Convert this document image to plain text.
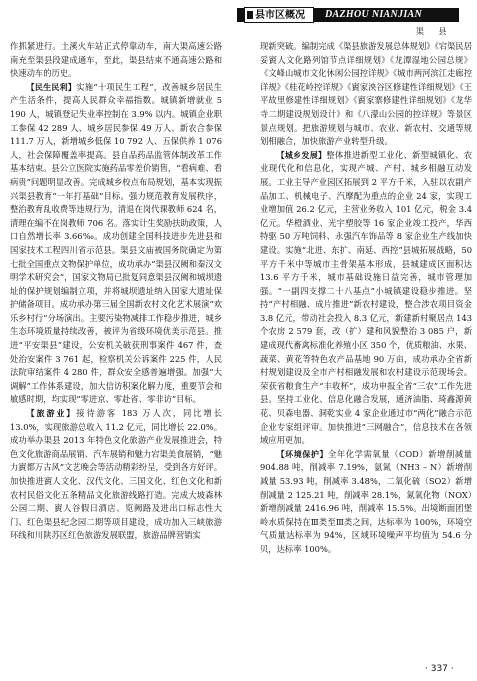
县市区概况	DAZHOU NIANJIAN
渠 县

作抓紧进行。土溪火车站正式停靠动车，南大渠高速公路南充至渠县段建成通车，至此，渠县结束不通高速公路和快速动车的历史。

【民生民利】实施“十项民生工程”，改善城乡居民生产生活条件，提高人民群众幸福指数。城镇新增就业 5 190 人，城镇登记失业率控制在 3.9% 以内。城镇企业职工参保 42 289 人、城乡居民参保 49 万人、新农合参保 111.7 万人，新增城乡低保 10 792 人、五保供养 1 076 人，社会保障覆盖率提高。县自品药品监管体制改革工作基本结束。县公立医院实施药品零差价销售，“看病难、看病贵”问题明显改善。完成城乡校点布局规划，基本实现振兴渠县教育“一年打基础”目标。强力规范教育发展秩序，整治教育乱收费等违规行为，清退在岗代课教师 624 名，清理在编不在岗教师 706 名。落实计生奖励扶助政策，人口自然增长率 3.66‰。成功创建全国科技进步先进县和国家技术工程四川省示范县。渠县文庙被国务院确定为第七批全国重点文物保护单位，成功承办“渠县汉阙和秦汉文明学术研究会”，国家文物局已批复同意渠县汉阙和城坝遗址的保护规划编制立项，并将城坝遗址纳入国家大遗址保护储备项目。成功承办第三届全国新农村文化艺术展演“欢乐乡村行”分场演出。主要污染物减排工作稳步推进，城乡生态环境质量持续改善，被评为省级环境优美示范县。推进“平安渠县”建设，公安机关破获刑事案件 467 件，查处治安案件 3 761 起，检察机关公诉案件 225 件，人民法院审结案件 4 280 件，群众安全感普遍增强。加强“大调解”工作体系建设，加大信访积案化解力度，重要节会和敏感时期，均实现“零进京、零赴省、零非访”目标。

【旅游业】接待游客 183 万人次，同比增长 13.0%，实现旅游总收入 11.2 亿元，同比增长 22.0%。成功举办渠县 2013 年特色文化旅游产业发展推进会，特色文化旅游商品展销、汽车展销和魅力宕渠美食展销，“魅力賨都万古风”文艺晚会等活动精彩纷呈，受到各方好评。加快推进賨人文化、汉代文化、三国文化、红色文化和新农村民俗文化五条精品文化旅游线路打造。完成大坡森林公园二期、賨人谷假日酒店、览阙路及进出口标志性大门、红色渠县纪念园二期等项目建设，成功加入三峡旅游环线和川陕苏区红色旅游发展联盟，旅游品牌营销实

现新突破。编制完成《渠县旅游发展总体规划》《宕渠民居妥賨人文化路列馆节点详细规划》《龙潭湿地公园总规》《文峰山城市文化休闲公园控详规》《城市两河滨江走廊控详规》《桂花岭控详规》《賨家泱谷区修建性详细规划》《王平故里修建性详细规划》《賨家寨修建性详细规划》《龙华寺二期建设规划设计》和《八濛山公园的控详规》等景区景点规划。把旅游规划与城市、农业、新农村、交通等规划相融合，加快旅游产业转型升级。

【城乡发展】整体推进新型工业化、新型城镇化、农业现代化和信息化，实现产城、产村、城乡相融互动发展。工业主导产业园区拓展到 2 平方千米，入驻以农副产品加工、机械电子、汽摩配为重点的企业 24 家，实现工业增加值 26.2 亿元，主营业务收入 101 亿元，税金 3.4 亿元。华橙酒业、光宇塑胶等 16 家企业竣工投产，华西特驱 50 万吨饲料、永强汽车饰品等 8 家企业生产线加快建设。实施“北进、东扩、南延、西控”县城拓展战略，50 平方千米中等城市主骨架基本形成，县城建成区面积达 13.6 平方千米，城市基础设施日益完善，城市管理加强。“一副四支撑二十八基点”小城镇建设稳步推进。坚持“产村相融、成片推进”新农村建设，整合涉农项目资金 3.8 亿元，带动社会投入 8.3 亿元，新建新村聚居点 143 个农房 2 579 套，改（扩）建和风貌整治 3 085 户，新建成现代畜禽标准化养殖小区 350 个，优质粮油、水果、蔬菜、黄花等特色农产品基地 90 万亩，成功承办全省新村规划建设及全市产村相融发展和农村建设示范现场会。荣获省粮食生产“丰收杯”，成功申报全省“三农”工作先进县。坚持工业化、信息化融合发展，通济油脂、琦鑫源黄花、贝森电器、洞乾实业 4 家企业通过市“两化”融合示范企业专家组评审。加快推进“三网融合”，信息技术在各领域应用更加。

【环境保护】全年化学需氧量（COD）新增削减量 904.88 吨，削减率 7.19%，氨氮（NH3 – N）新增削减量 53.93 吨，削减率 3.48%，二氧化硫（SO2）新增削减量 2 125.21 吨，削减率 28.1%，氮氧化物（NOX）新增削减量 2416.96 吨，削减率 15.5%。出境断面团堡岭水质保持在Ⅲ类至Ⅲ类之间，达标率为 100%，环境空气质量达标率为 94%，区域环境噪声平均值为 54.6 分贝，达标率 100%。

· 337 ·
